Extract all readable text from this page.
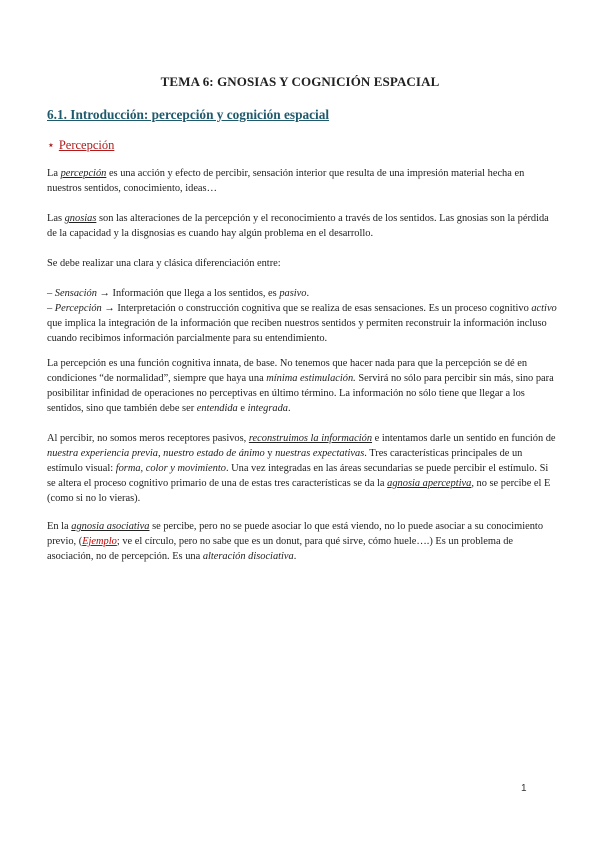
TEMA 6: GNOSIAS Y COGNICIÓN ESPACIAL
6.1. Introducción: percepción y cognición espacial
⋆ Percepción
La percepción es una acción y efecto de percibir, sensación interior que resulta de una impresión material hecha en nuestros sentidos, conocimiento, ideas…
Las gnosias son las alteraciones de la percepción y el reconocimiento a través de los sentidos. Las gnosias son la pérdida de la capacidad y la disgnosias es cuando hay algún problema en el desarrollo.
Se debe realizar una clara y clásica diferenciación entre:
– Sensación → Información que llega a los sentidos, es pasivo.
– Percepción → Interpretación o construcción cognitiva que se realiza de esas sensaciones. Es un proceso cognitivo activo que implica la integración de la información que reciben nuestros sentidos y permiten reconstruir la información incluso cuando recibimos información parcialmente para su entendimiento.
La percepción es una función cognitiva innata, de base. No tenemos que hacer nada para que la percepción se dé en condiciones “de normalidad”, siempre que haya una mínima estimulación. Servirá no sólo para percibir sin más, sino para posibilitar infinidad de operaciones no perceptivas en último término. La información no sólo tiene que llegar a los sentidos, sino que también debe ser entendida e integrada.
Al percibir, no somos meros receptores pasivos, reconstruimos la información e intentamos darle un sentido en función de nuestra experiencia previa, nuestro estado de ánimo y nuestras expectativas. Tres características principales de un estímulo visual: forma, color y movimiento. Una vez integradas en las áreas secundarias se puede percibir el estímulo. Si se altera el proceso cognitivo primario de una de estas tres características se da la agnosia aperceptiva, no se percibe el E (como si no lo vieras).
En la agnosia asociativa se percibe, pero no se puede asociar lo que está viendo, no lo puede asociar a su conocimiento previo, (Ejemplo; ve el círculo, pero no sabe que es un donut, para qué sirve, cómo huele….) Es un problema de asociación, no de percepción. Es una alteración disociativa.
1
